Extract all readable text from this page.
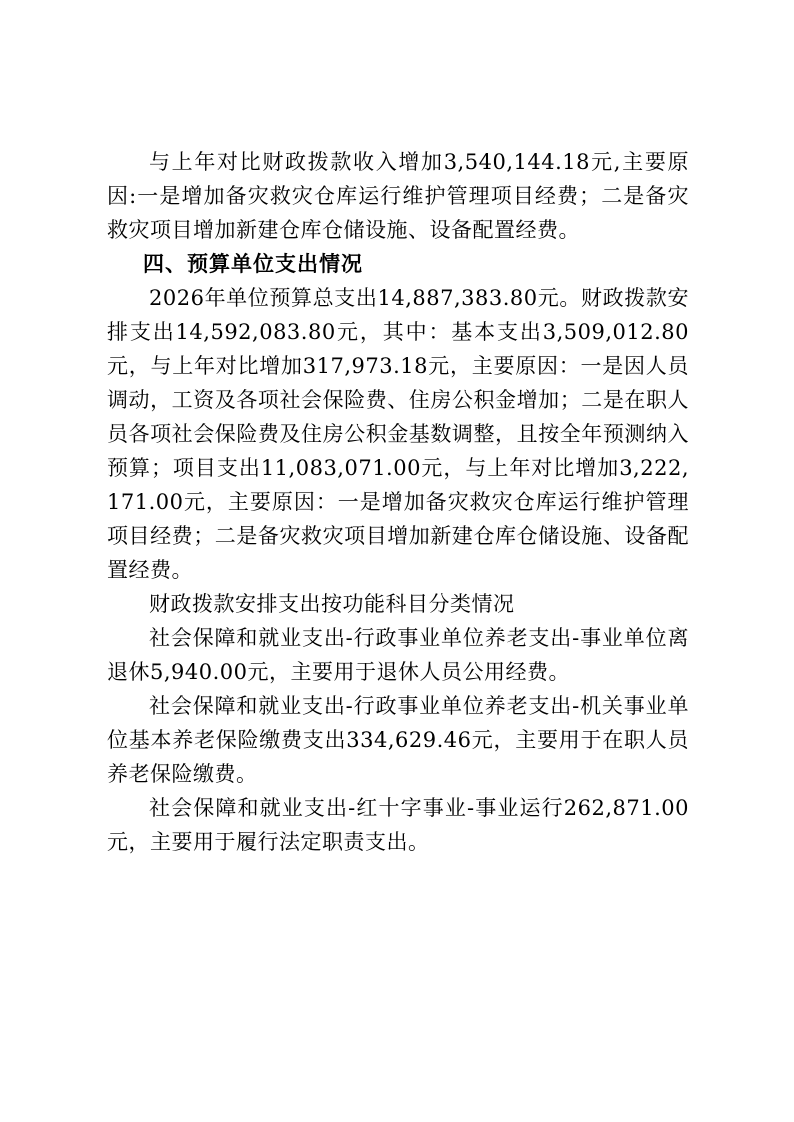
与上年对比财政拨款收入增加3,540,144.18元,主要原因:一是增加备灾救灾仓库运行维护管理项目经费；二是备灾救灾项目增加新建仓库仓储设施、设备配置经费。

四、预算单位支出情况

2026年单位预算总支出14,887,383.80元。财政拨款安排支出14,592,083.80元，其中：基本支出3,509,012.80元，与上年对比增加317,973.18元，主要原因：一是因人员调动，工资及各项社会保险费、住房公积金增加；二是在职人员各项社会保险费及住房公积金基数调整，且按全年预测纳入预算；项目支出11,083,071.00元，与上年对比增加3,222,171.00元，主要原因：一是增加备灾救灾仓库运行维护管理项目经费；二是备灾救灾项目增加新建仓库仓储设施、设备配置经费。

财政拨款安排支出按功能科目分类情况

社会保障和就业支出-行政事业单位养老支出-事业单位离退休5,940.00元，主要用于退休人员公用经费。

社会保障和就业支出-行政事业单位养老支出-机关事业单位基本养老保险缴费支出334,629.46元，主要用于在职人员养老保险缴费。

社会保障和就业支出-红十字事业-事业运行262,871.00元，主要用于履行法定职责支出。
